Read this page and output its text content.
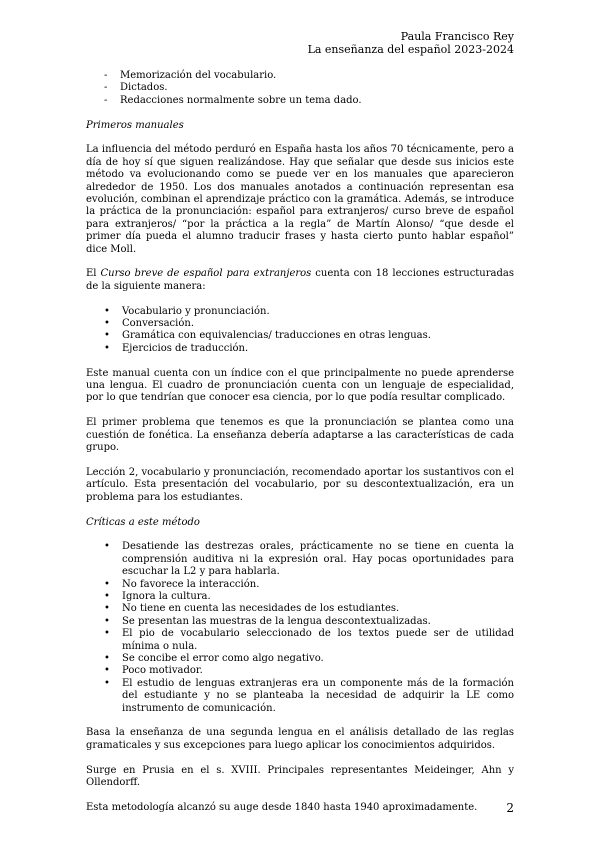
Paula Francisco Rey
La enseñanza del español 2023-2024
- Memorización del vocabulario.
- Dictados.
- Redacciones normalmente sobre un tema dado.
Primeros manuales

La influencia del método perduró en España hasta los años 70 técnicamente, pero a día de hoy sí que siguen realizándose. Hay que señalar que desde sus inicios este método va evolucionando como se puede ver en los manuales que aparecieron alrededor de 1950. Los dos manuales anotados a continuación representan esa evolución, combinan el aprendizaje práctico con la gramática. Además, se introduce la práctica de la pronunciación: español para extranjeros/ curso breve de español para extranjeros/ “por la práctica a la regla” de Martín Alonso/ “que desde el primer día pueda el alumno traducir frases y hasta cierto punto hablar español” dice Moll.

El Curso breve de español para extranjeros cuenta con 18 lecciones estructuradas de la siguiente manera:

• Vocabulario y pronunciación.
• Conversación.
• Gramática con equivalencias/ traducciones en otras lenguas.
• Ejercicios de traducción.

Este manual cuenta con un índice con el que principalmente no puede aprenderse una lengua. El cuadro de pronunciación cuenta con un lenguaje de especialidad, por lo que tendrían que conocer esa ciencia, por lo que podía resultar complicado.

El primer problema que tenemos es que la pronunciación se plantea como una cuestión de fonética. La enseñanza debería adaptarse a las características de cada grupo.

Lección 2, vocabulario y pronunciación, recomendado aportar los sustantivos con el artículo. Esta presentación del vocabulario, por su descontextualización, era un problema para los estudiantes.

Críticas a este método
• Desatiende las destrezas orales, prácticamente no se tiene en cuenta la comprensión auditiva ni la expresión oral. Hay pocas oportunidades para escuchar la L2 y para hablarla.
• No favorece la interacción.
• Ignora la cultura.
• No tiene en cuenta las necesidades de los estudiantes.
• Se presentan las muestras de la lengua descontextualizadas.
• El pio de vocabulario seleccionado de los textos puede ser de utilidad mínima o nula.
• Se concibe el error como algo negativo.
• Poco motivador.
• El estudio de lenguas extranjeras era un componente más de la formación del estudiante y no se planteaba la necesidad de adquirir la LE como instrumento de comunicación.

Basa la enseñanza de una segunda lengua en el análisis detallado de las reglas gramaticales y sus excepciones para luego aplicar los conocimientos adquiridos.

Surge en Prusia en el s. XVIII. Principales representantes Meideinger, Ahn y Ollendorff.

Esta metodología alcanzó su auge desde 1840 hasta 1940 aproximadamente.	2
